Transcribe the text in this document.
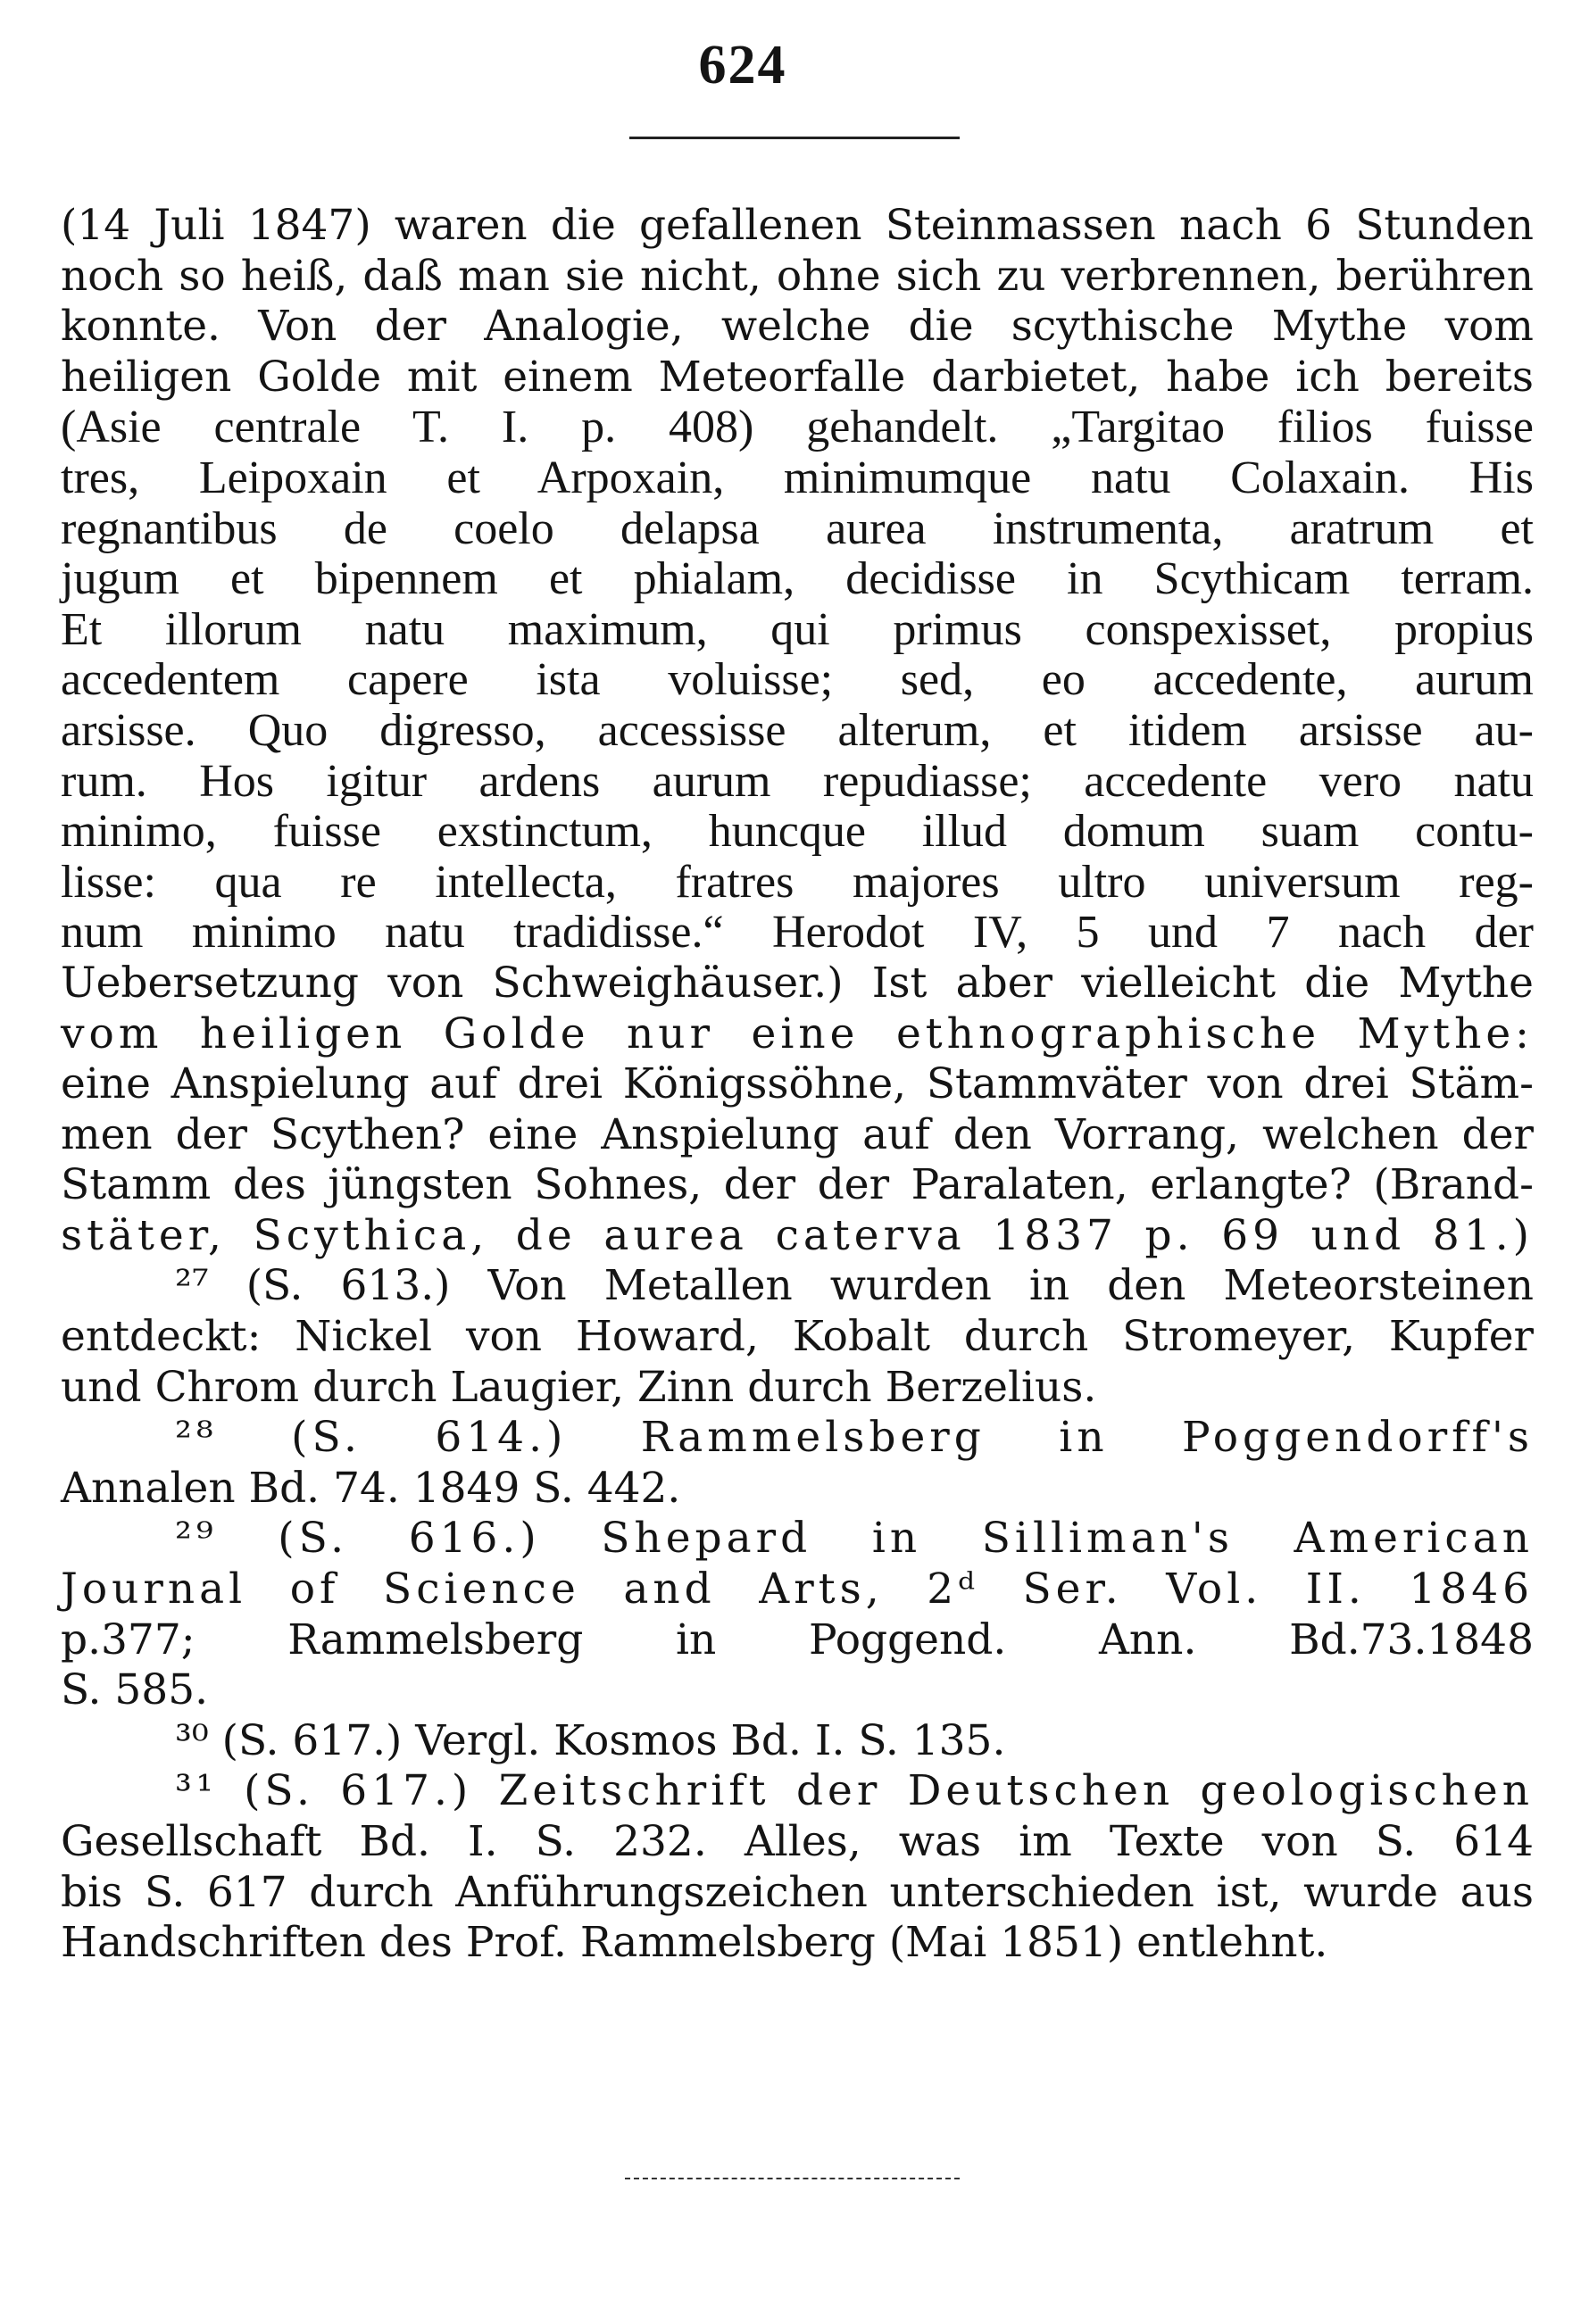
624
(14 Juli 1847) waren die gefallenen Steinmassen nach 6 Stunden
noch so heiß, daß man sie nicht, ohne sich zu verbrennen, berühren
konnte. Von der Analogie, welche die scythische Mythe vom
heiligen Golde mit einem Meteorfalle darbietet, habe ich bereits
(Asie centrale T. I. p. 408) gehandelt. „Targitao filios fuisse
tres, Leipoxain et Arpoxain, minimumque natu Colaxain. His
regnantibus de coelo delapsa aurea instrumenta, aratrum et
jugum et bipennem et phialam, decidisse in Scythicam terram.
Et illorum natu maximum, qui primus conspexisset, propius
accedentem capere ista voluisse; sed, eo accedente, aurum
arsisse. Quo digresso, accessisse alterum, et itidem arsisse au-
rum. Hos igitur ardens aurum repudiasse; accedente vero natu
minimo, fuisse exstinctum, huncque illud domum suam contu-
lisse: qua re intellecta, fratres majores ultro universum reg-
num minimo natu tradidisse.“ Herodot IV, 5 und 7 nach der
Uebersetzung von Schweighäuser.) Ist aber vielleicht die Mythe
vom heiligen Golde nur eine ethnographische Mythe:
eine Anspielung auf drei Königssöhne, Stammväter von drei Stäm-
men der Scythen? eine Anspielung auf den Vorrang, welchen der
Stamm des jüngsten Sohnes, der der Paralaten, erlangte? (Brand-
stäter, Scythica, de aurea caterva 1837 p. 69 und 81.)
²⁷ (S. 613.) Von Metallen wurden in den Meteorsteinen
entdeckt: Nickel von Howard, Kobalt durch Stromeyer, Kupfer
und Chrom durch Laugier, Zinn durch Berzelius.
²⁸ (S. 614.) Rammelsberg in Poggendorff's
Annalen Bd. 74. 1849 S. 442.
²⁹ (S. 616.) Shepard in Silliman's American
Journal of Science and Arts, 2ᵈ Ser. Vol. II. 1846
p.377; Rammelsberg in Poggend. Ann. Bd.73.1848
S. 585.
³⁰ (S. 617.) Vergl. Kosmos Bd. I. S. 135.
³¹ (S. 617.) Zeitschrift der Deutschen geologischen
Gesellschaft Bd. I. S. 232. Alles, was im Texte von S. 614
bis S. 617 durch Anführungszeichen unterschieden ist, wurde aus
Handschriften des Prof. Rammelsberg (Mai 1851) entlehnt.
